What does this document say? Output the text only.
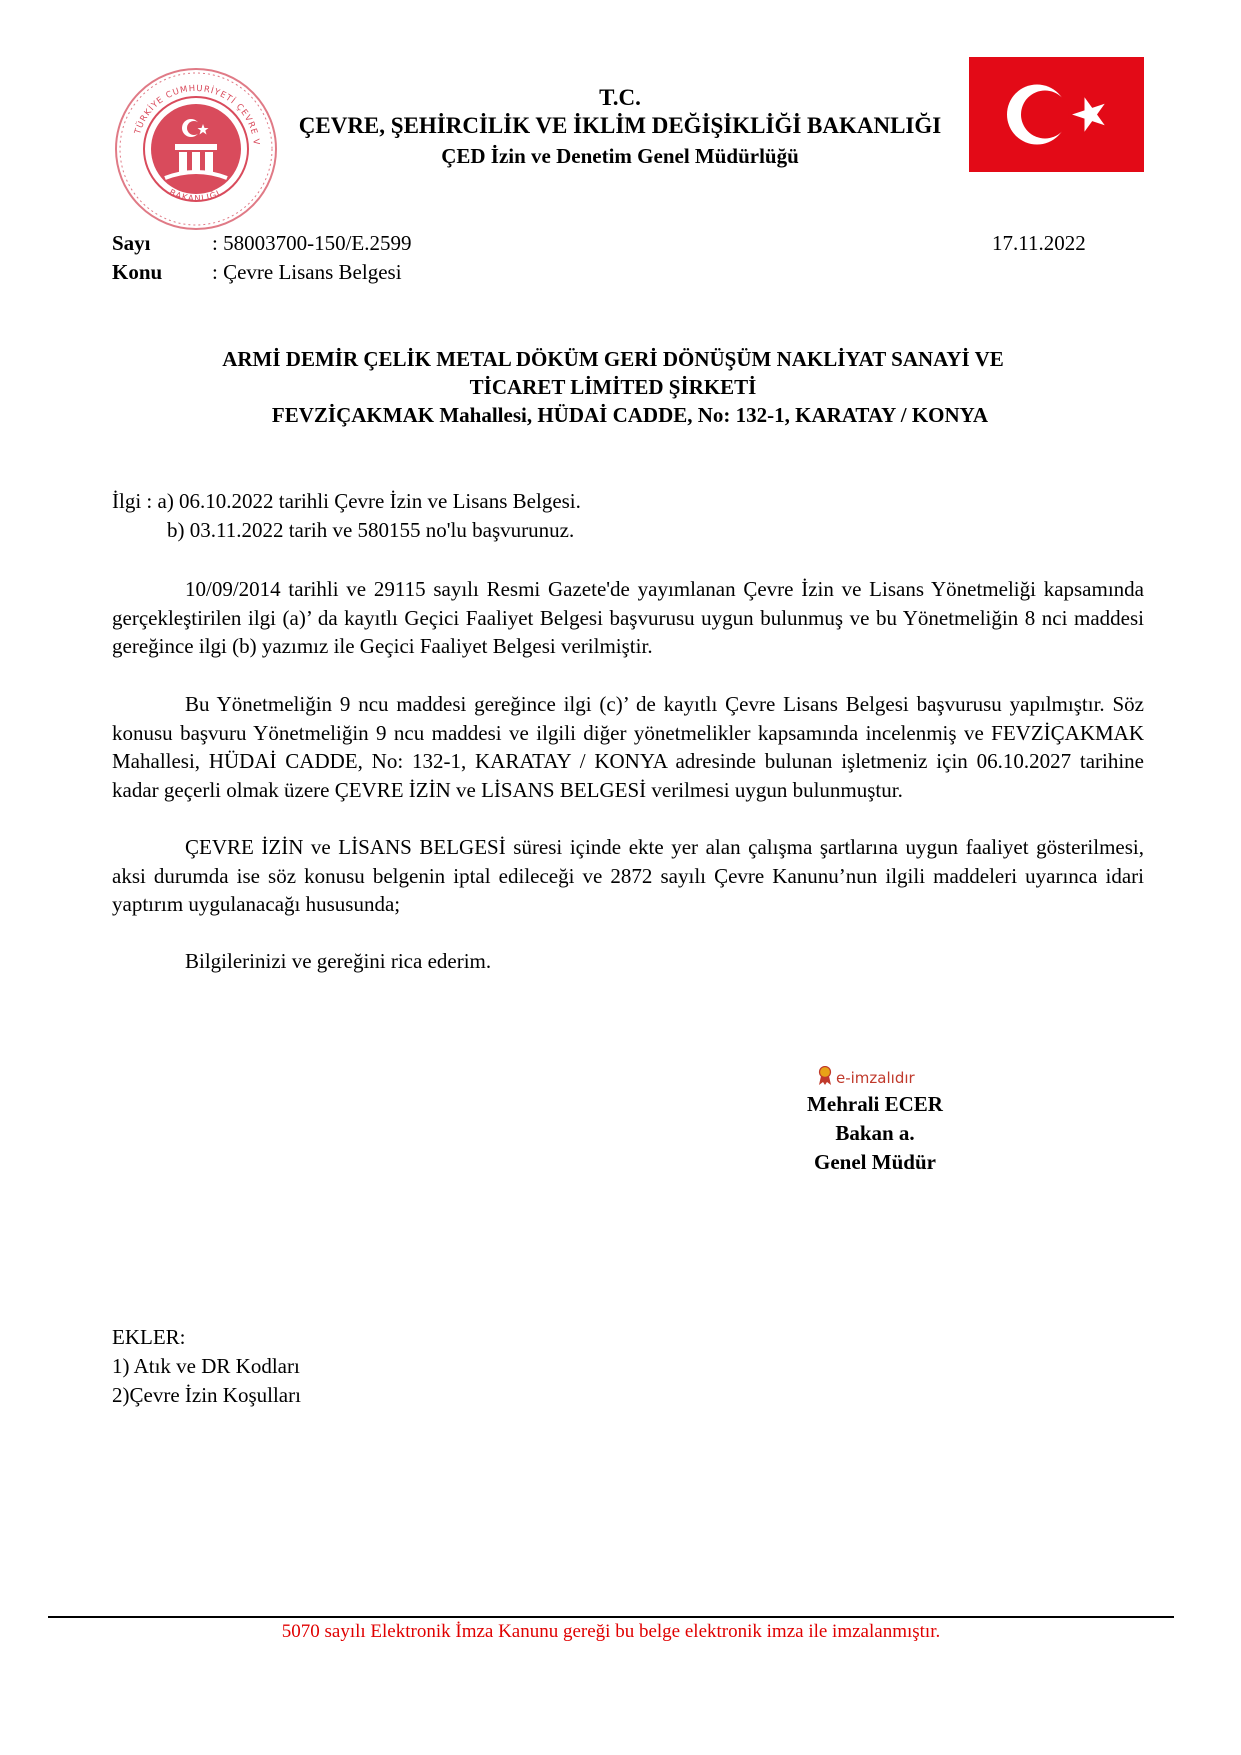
TÜRKİYE CUMHURİYETİ ÇEVRE V
BAKANLIĞI
T.C.
ÇEVRE, ŞEHİRCİLİK VE İKLİM DEĞİŞİKLİĞİ BAKANLIĞI
ÇED İzin ve Denetim Genel Müdürlüğü
Sayı	: 58003700-150/E.2599
Konu : Çevre Lisans Belgesi
17.11.2022
ARMİ DEMİR ÇELİK METAL DÖKÜM GERİ DÖNÜŞÜM NAKLİYAT SANAYİ VE
TİCARET LİMİTED ŞİRKETİ
FEVZİÇAKMAK Mahallesi, HÜDAİ CADDE, No: 132-1, KARATAY / KONYA
İlgi : a) 06.10.2022 tarihli Çevre İzin ve Lisans Belgesi.
b) 03.11.2022 tarih ve 580155 no'lu başvurunuz.
10/09/2014 tarihli ve 29115 sayılı Resmi Gazete'de yayımlanan Çevre İzin ve Lisans Yönetmeliği kapsamında gerçekleştirilen ilgi (a)’ da kayıtlı Geçici Faaliyet Belgesi başvurusu uygun bulunmuş ve bu Yönetmeliğin 8 nci maddesi gereğince ilgi (b) yazımız ile Geçici Faaliyet Belgesi verilmiştir.
Bu Yönetmeliğin 9 ncu maddesi gereğince ilgi (c)’ de kayıtlı Çevre Lisans Belgesi başvurusu yapılmıştır. Söz konusu başvuru Yönetmeliğin 9 ncu maddesi ve ilgili diğer yönetmelikler kapsamında incelenmiş ve FEVZİÇAKMAK Mahallesi, HÜDAİ CADDE, No: 132-1, KARATAY / KONYA adresinde bulunan işletmeniz için 06.10.2027 tarihine kadar geçerli olmak üzere ÇEVRE İZİN ve LİSANS BELGESİ verilmesi uygun bulunmuştur.
ÇEVRE İZİN ve LİSANS BELGESİ süresi içinde ekte yer alan çalışma şartlarına uygun faaliyet gösterilmesi, aksi durumda ise söz konusu belgenin iptal edileceği ve 2872 sayılı Çevre Kanunu’nun ilgili maddeleri uyarınca idari yaptırım uygulanacağı hususunda;
Bilgilerinizi ve gereğini rica ederim.
e-imzalıdır
Mehrali ECER
Bakan a.
Genel Müdür
EKLER:
1) Atık ve DR Kodları
2)Çevre İzin Koşulları
5070 sayılı Elektronik İmza Kanunu gereği bu belge elektronik imza ile imzalanmıştır.
